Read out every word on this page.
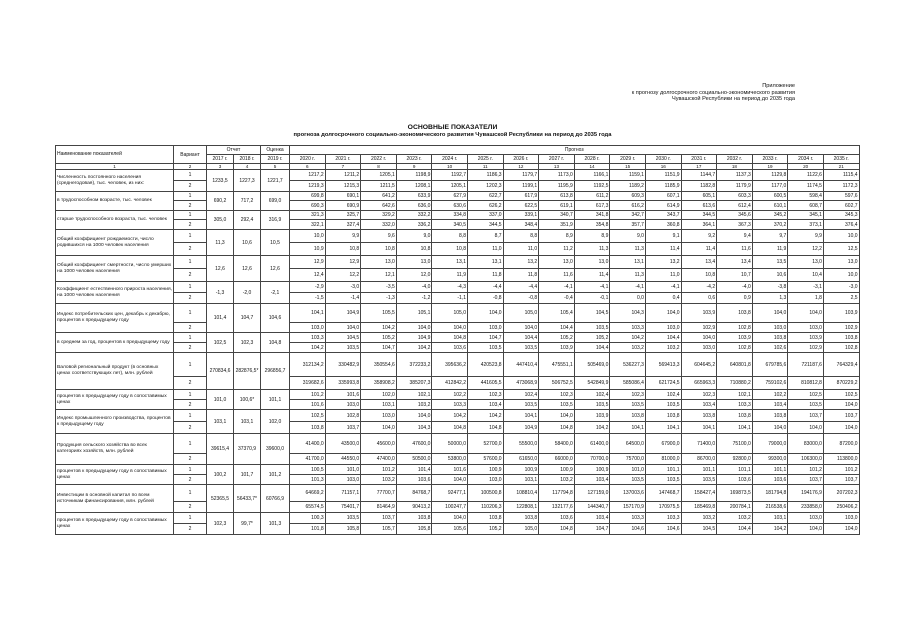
Приложение
к прогнозу долгосрочного социально-экономического развития
Чувашской Республики на период до 2035 года
ОСНОВНЫЕ ПОКАЗАТЕЛИ
прогноза долгосрочного социально-экономического развития Чувашской Республики на период до 2035 года
Наименование показателей	Вариант	Отчет		Оценка	Прогноз															
		2017 г.	2018 г.	2019 г.	2020 г.	2021 г.	2022 г.	2023 г.	2024 г.	2025 г.	2026 г.	2027 г.	2028 г.	2029 г.	2030 г.	2031 г.	2032 г.	2033 г.	2034 г.	2035 г.
1	2	3	4	5	6	7	8	9	10	11	12	13	14	15	16	17	18	19	20	21
Численность постоянного населения (среднегодовая), тыс. человек, из них:	1	1233,5	1227,3	1221,7	1217,2	1211,2	1205,1	1198,9	1192,7	1186,3	1179,7	1173,0	1166,1	1159,1	1151,9	1144,7	1137,3	1129,8	1122,6	1115,4
	2				1219,3	1215,3	1211,5	1208,1	1205,1	1202,3	1199,1	1195,9	1192,5	1189,2	1185,9	1182,8	1179,9	1177,0	1174,5	1172,3
в трудоспособном возрасте, тыс. человек	1	690,2	717,2	699,0	699,8	690,1	641,2	633,9	627,9	622,7	617,9	613,8	611,2	609,3	607,1	605,1	603,3	600,5	598,4	597,6
	2				690,3	690,9	642,6	636,0	630,6	626,2	622,5	619,1	617,3	616,2	614,9	613,6	612,4	610,1	608,7	602,7
старше трудоспособного возраста, тыс. человек	1	305,0	292,4	316,9	321,3	325,7	329,2	332,2	334,8	337,0	339,1	340,7	341,8	342,7	343,7	344,5	345,6	345,2	345,1	345,3
	2				322,1	327,4	332,0	336,2	340,5	344,5	348,4	351,9	354,8	357,7	360,8	364,1	367,3	370,2	373,1	376,4
Общий коэффициент рождаемости, число родившихся на 1000 человек населения	1	11,3	10,6	10,5	10,0	9,9	9,6	9,0	8,8	8,7	8,8	8,9	8,9	9,0	9,1	9,2	9,4	9,7	9,9	10,0
	2				10,9	10,8	10,8	10,8	10,8	11,0	11,0	11,2	11,3	11,3	11,4	11,4	11,6	11,9	12,2	12,5
Общий коэффициент смертности, число умерших на 1000 человек населения	1	12,6	12,6	12,6	12,9	12,9	13,0	13,0	13,1	13,1	13,2	13,0	13,0	13,1	13,2	13,4	13,4	13,5	13,0	13,0
	2				12,4	12,2	12,1	12,0	11,9	11,8	11,8	11,6	11,4	11,3	11,0	10,8	10,7	10,6	10,4	10,0
Коэффициент естественного прироста населения, на 1000 человек населения	1	-1,3	-2,0	-2,1	-2,9	-3,0	-3,5	-4,0	-4,3	-4,4	-4,4	-4,1	-4,1	-4,1	-4,1	-4,2	-4,0	-3,8	-3,1	-3,0
	2				-1,5	-1,4	-1,3	-1,2	-1,1	-0,8	-0,8	-0,4	-0,1	0,0	0,4	0,6	0,9	1,3	1,8	2,5
Индекс потребительских цен, декабрь к декабрю, процентов к предыдущему году	1	101,4	104,7	104,6	104,1	104,9	105,5	105,1	105,0	104,0	105,0	105,4	104,5	104,3	104,0	103,9	103,8	104,0	104,0	103,9
	2				103,0	104,0	104,2	104,0	104,0	103,0	104,0	104,4	103,5	103,3	103,0	102,9	102,8	103,0	103,0	102,9
в среднем за год, процентов к предыдущему году	1	102,5	102,3	104,8	103,3	104,5	105,2	104,9	104,8	104,7	104,4	105,2	105,2	104,2	104,4	104,0	103,9	103,8	103,9	103,8
	2				104,2	103,5	104,7	104,2	103,6	103,5	103,5	103,9	104,4	103,2	103,2	103,0	102,8	102,6	102,9	102,8
Валовой региональный продукт (в основных ценах соответствующих лет), млн. рублей	1	270834,6	282876,5*	296856,7	312134,2	330482,9	350554,6	372233,2	395636,2	420523,8	447410,4	475551,1	505469,0	536227,3	569413,3	604645,2	640801,8	679785,6	721187,6	764329,4
	2				319682,6	335993,8	358908,2	385207,3	412842,2	441605,5	473068,9	506752,5	542849,9	585086,4	621724,5	665963,3	710880,2	759102,6	810812,8	870229,2
процентов к предыдущему году в сопоставимых ценах	1	101,0	100,6*	101,1	101,2	101,6	102,0	102,1	102,2	102,3	102,4	102,3	102,4	102,3	102,4	102,3	102,1	102,2	102,5	102,5
	2				101,6	103,0	103,1	103,2	103,3	103,4	103,5	103,5	103,5	103,5	103,5	103,4	103,3	103,4	103,5	104,0
Индекс промышленного производства, процентов к предыдущему году	1	103,1	103,1	102,0	102,5	102,8	103,0	104,0	104,2	104,2	104,1	104,0	103,9	103,8	103,8	103,8	103,8	103,8	103,7	103,7
	2				103,8	103,7	104,0	104,3	104,8	104,8	104,9	104,8	104,2	104,1	104,1	104,1	104,1	104,0	104,0	104,0
Продукция сельского хозяйства во всех категориях хозяйств, млн. рублей	1	39615,4	37370,9	39600,0	41400,0	43500,0	45600,0	47600,0	50000,0	52700,0	55500,0	58400,0	61400,0	64500,0	67900,0	71400,0	75100,0	79000,0	83000,0	87200,0
	2				41700,0	44550,0	47400,0	50500,0	53800,0	57600,0	61650,0	66000,0	70700,0	75700,0	81000,0	86700,0	92800,0	99300,0	106300,0	113800,0
процентов к предыдущему году в сопоставимых ценах	1	100,2	101,7	101,2	100,5	101,0	101,2	101,4	101,6	100,9	100,9	100,9	100,9	101,0	101,1	101,1	101,1	101,1	101,2	101,2
	2				101,3	103,0	103,2	103,6	104,0	103,0	103,1	103,2	103,4	103,5	103,5	103,5	103,6	103,6	103,7	103,7
Инвестиции в основной капитал по всем источникам финансирования, млн. рублей	1	52365,5	56433,7*	60766,9	64669,2	71157,1	77700,7	84768,7	92477,1	100500,8	108810,4	117794,8	127159,0	137003,6	147468,7	158427,4	169873,5	181794,8	194176,9	207202,3
	2				65574,5	75401,7	81464,9	90413,2	100247,7	110206,3	122808,1	132177,6	144340,7	157170,9	170975,5	185469,8	200784,1	216538,6	233858,0	250406,2
процентов к предыдущему году в сопоставимых ценах	1	102,3	99,7*	101,3	100,3	103,5	103,7	103,8	104,0	103,8	103,8	103,6	103,4	103,3	103,3	103,2	103,2	103,1	103,0	103,0
	2				101,8	105,8	105,7	105,8	105,6	105,2	105,0	104,8	104,7	104,6	104,6	104,5	104,4	104,2	104,0	104,0
